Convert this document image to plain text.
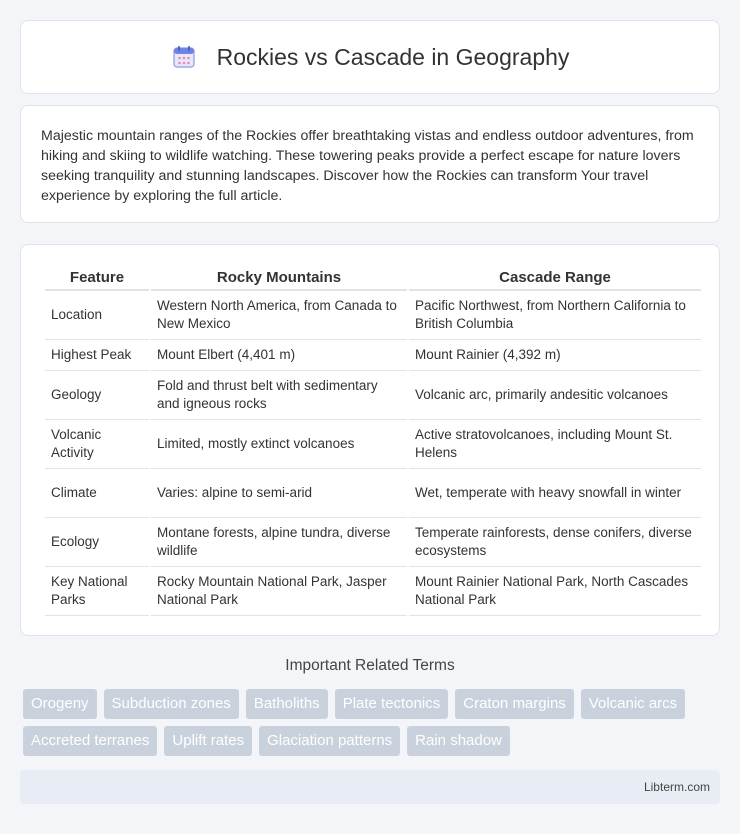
Rockies vs Cascade in Geography

Majestic mountain ranges of the Rockies offer breathtaking vistas and endless outdoor adventures, from hiking and skiing to wildlife watching. These towering peaks provide a perfect escape for nature lovers seeking tranquility and stunning landscapes. Discover how the Rockies can transform Your travel experience by exploring the full article.

Feature	Rocky Mountains	Cascade Range
Location	Western North America, from Canada to New Mexico	Pacific Northwest, from Northern California to British Columbia
Highest Peak	Mount Elbert (4,401 m)	Mount Rainier (4,392 m)
Geology	Fold and thrust belt with sedimentary and igneous rocks	Volcanic arc, primarily andesitic volcanoes
Volcanic Activity	Limited, mostly extinct volcanoes	Active stratovolcanoes, including Mount St. Helens
Climate	Varies: alpine to semi-arid	Wet, temperate with heavy snowfall in winter
Ecology	Montane forests, alpine tundra, diverse wildlife	Temperate rainforests, dense conifers, diverse ecosystems
Key National Parks	Rocky Mountain National Park, Jasper National Park	Mount Rainier National Park, North Cascades National Park
Important Related Terms
Orogeny	Subduction zones	Batholiths	Plate tectonics	Craton margins	Volcanic arcs
Accreted terranes	Uplift rates	Glaciation patterns	Rain shadow
Libterm.com
